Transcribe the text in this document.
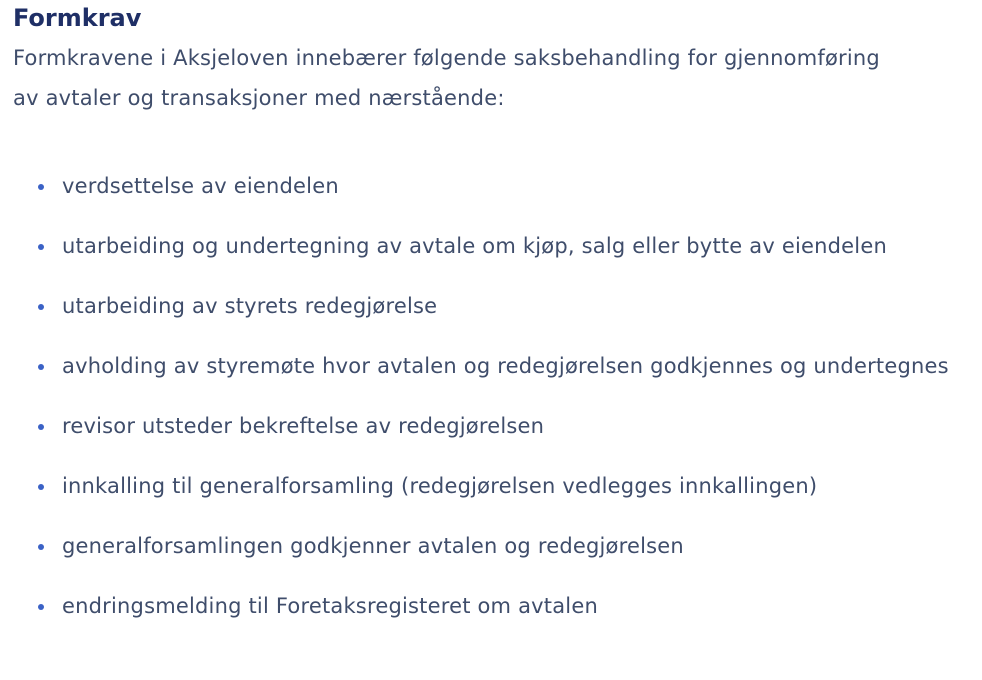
Formkrav

Formkravene i Aksjeloven innebærer følgende saksbehandling for gjennomføring
av avtaler og transaksjoner med nærstående:

verdsettelse av eiendelen
utarbeiding og undertegning av avtale om kjøp, salg eller bytte av eiendelen
utarbeiding av styrets redegjørelse
avholding av styremøte hvor avtalen og redegjørelsen godkjennes og undertegnes
revisor utsteder bekreftelse av redegjørelsen
innkalling til generalforsamling (redegjørelsen vedlegges innkallingen)
generalforsamlingen godkjenner avtalen og redegjørelsen
endringsmelding til Foretaksregisteret om avtalen
